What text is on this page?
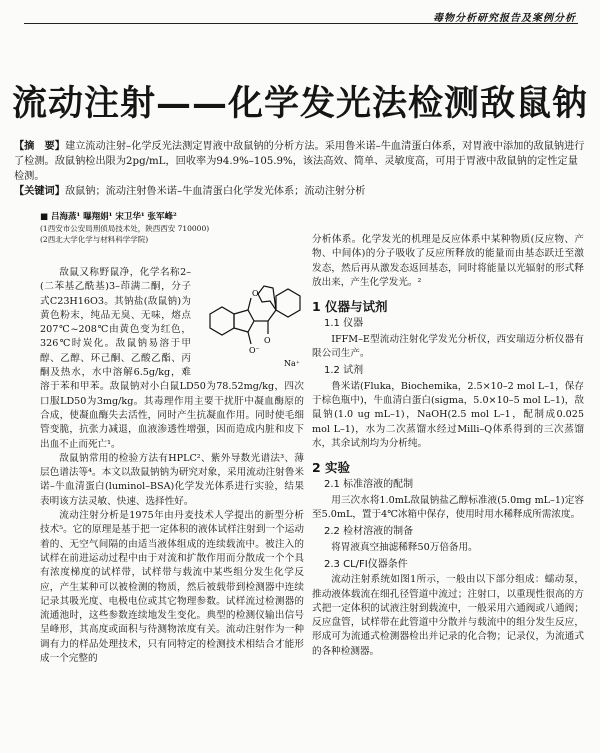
毒物分析研究报告及案例分析
流动注射——化学发光法检测敌鼠钠
【摘　要】建立流动注射–化学反光法测定胃液中敌鼠钠的分析方法。采用鲁米诺–牛血清蛋白体系，对胃液中添加的敌鼠钠进行了检测。敌鼠钠检出限为2pg/mL，回收率为94.9%–105.9%，该法高效、简单、灵敏度高，可用于胃液中敌鼠钠的定性定量检测。
【关键词】敌鼠钠；流动注射鲁米诺–牛血清蛋白化学发光体系；流动注射分析
■ 吕海蒸¹ 曝翔娟¹ 宋卫华¹ 张军峰²
(1西安市公安局刑侦局技术处，陕西西安 710000)
(2西北大学化学与材料科学学院)
O
O⁻
O
Na⁺

敌鼠又称野鼠净，化学名称2–(二苯基乙酰基)3–茚满二酮，分子式C23H16O3。其钠盐(敌鼠钠)为黄色粉末，纯品无臭、无味，熔点207℃~208℃由黄色变为红色，326℃时炭化。敌鼠钠易溶于甲醇、乙醇、环己酮、乙酸乙酯、丙酮及热水，水中溶解6.5g/kg，难溶于苯和甲苯。敌鼠钠对小白鼠LD50为78.52mg/kg，四次口服LD50为3mg/kg。其毒理作用主要干扰肝中凝血酶原的合成，使凝血酶失去活性，同时产生抗凝血作用。同时使毛细管变脆，抗张力减退，血液渗透性增强，因而造成内脏和皮下出血不止而死亡¹。

敌鼠钠常用的检验方法有HPLC²、紫外导数光谱法³、薄层色谱法等⁴。本文以敌鼠钠钠为研究对象，采用流动注射鲁米诺–牛血清蛋白(luminol–BSA)化学发光体系进行实验，结果表明该方法灵敏、快速、选择性好。

流动注射分析是1975年由丹麦技术人学提出的新型分析技术⁵。它的原理是基于把一定体积的液体试样注射到一个运动着的、无空气间隔的由适当液体组成的连续载流中。被注入的试样在前进运动过程中由于对流和扩散作用而分散成一个个具有浓度梯度的试样带，试样带与载流中某些组分发生化学反应，产生某种可以被检测的物质，然后被载带到检测器中连续记录其吸光度、电极电位或其它物理参数。试样流过检测器的流通池时，这些参数连续地发生变化。典型的检测仪输出信号呈峰形，其高度或面积与待测物浓度有关。流动注射作为一种调有力的样品处理技术，只有同特定的检测技术相结合才能形成一个完整的

分析体系。化学发光的机理是反应体系中某种物质(反应物、产物、中间体)的分子吸收了反应所释放的能量而由基态跃迁至激发态，然后再从激发态返回基态，同时将能量以光辐射的形式释放出来，产生化学发光。²

1 仪器与试剂
1.1 仪器

IFFM–E型流动注射化学发光分析仪，西安瑞迈分析仪器有限公司生产。

1.2 试剂

鲁米诺(Fluka，Biochemika，2.5×10–2 mol L–1，保存于棕色瓶中)，牛血清白蛋白(sigma，5.0×10–5 mol L–1)，敌鼠钠(1.0 ug mL–1)，NaOH(2.5 mol L–1，配制成0.025 mol L–1)，水为二次蒸馏水经过Milli–Q体系得到的三次蒸馏水，其余试剂均为分析纯。

2 实验
2.1 标准溶液的配制

用三次水将1.0mL敌鼠钠盐乙醇标准液(5.0mg mL–1)定容至5.0mL，置于4℃冰箱中保存，使用时用水稀释成所需浓度。

2.2 检材溶液的制备

将胃液真空抽滤稀释50万倍备用。

2.3 CL/FI仪器条件

流动注射系统如图1所示，一般由以下部分组成：蠕动泵，推动液体载流在细孔径管道中流过；注射口，以重现性很高的方式把一定体积的试液注射到载流中，一般采用六通阀或八通阀；反应盘管，试样带在此管道中分散并与载流中的组分发生反应，形成可为流通式检测器检出并记录的化合物；记录仪，为流通式的各种检测器。
